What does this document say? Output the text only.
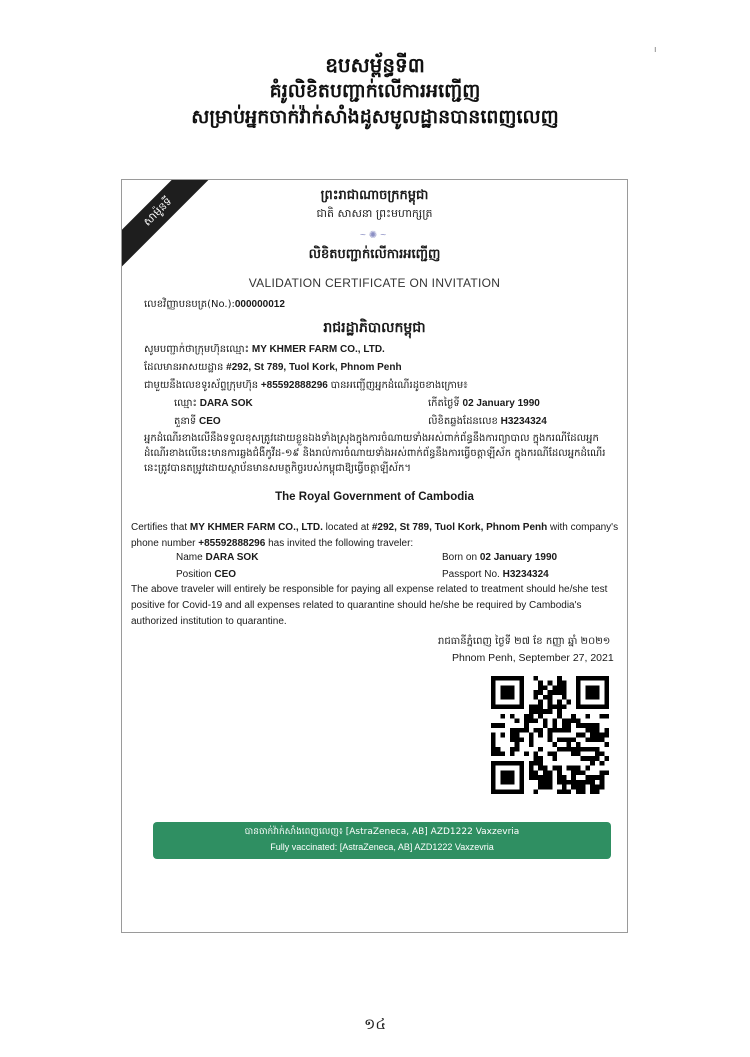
ı
ឧបសម្ព័ន្ធទី៣
គំរូលិខិតបញ្ជាក់លើការអញ្ជើញ
សម្រាប់អ្នកចាក់វ៉ាក់សាំងដូសមូលដ្ឋានបានពេញលេញ
សាម៉ូនទី	ព្រះរាជាណាចក្រកម្ពុជា
ជាតិ សាសនា ព្រះមហាក្សត្រ
~✺~
លិខិតបញ្ជាក់លើការអញ្ជើញ
VALIDATION CERTIFICATE ON INVITATION
លេខវិញ្ញាបនបត្រ(No.):000000012
រាជរដ្ឋាភិបាលកម្ពុជា
សូមបញ្ជាក់ថាក្រុមហ៊ុនឈ្មោះ MY KHMER FARM CO., LTD.
ដែលមានអាសយដ្ឋាន #292, St 789, Tuol Kork, Phnom Penh
ជាមួយនឹងលេខទូរស័ព្ទក្រុមហ៊ុន +85592888296 បានអញ្ជើញអ្នកដំណើរដូចខាងក្រោម៖
ឈ្មោះ DARA SOK	កើតថ្ងៃទី 02 January 1990
តួនាទី CEO	លិខិតឆ្លងដែនលេខ H3234324
អ្នកដំណើរខាងលើនឹងទទួលខុសត្រូវដោយខ្លួនឯងទាំងស្រុងក្នុងការចំណាយទាំងអស់ពាក់ព័ន្ធនឹងការព្យាបាល ក្នុងករណីដែលអ្នកដំណើរខាងលើនេះមានការឆ្លងជំងឺកូវីដ-១៩ និងរាល់ការចំណាយទាំងអស់ពាក់ព័ន្ធនឹងការធ្វើចត្តាឡីស័ក ក្នុងករណីដែលអ្នកដំណើរនេះត្រូវបានតម្រូវដោយស្ថាប័នមានសមត្ថកិច្ចរបស់កម្ពុជាឱ្យធ្វើចត្តាឡីស័ក។
The Royal Government of Cambodia
Certifies that MY KHMER FARM CO., LTD. located at #292, St 789, Tuol Kork, Phnom Penh with company's phone number +85592888296 has invited the following traveler:
Name DARA SOK	Born on 02 January 1990
Position CEO	Passport No. H3234324
The above traveler will entirely be responsible for paying all expense related to treatment should he/she test positive for Covid-19 and all expenses related to quarantine should he/she be required by Cambodia's authorized institution to quarantine.
រាជធានីភ្នំពេញ ថ្ងៃទី ២៧ ខែ កញ្ញា ឆ្នាំ ២០២១
Phnom Penh, September 27, 2021
បានចាក់វ៉ាក់សាំងពេញលេញ៖ [AstraZeneca, AB] AZD1222 Vaxzevria
Fully vaccinated: [AstraZeneca, AB] AZD1222 Vaxzevria
១៤
